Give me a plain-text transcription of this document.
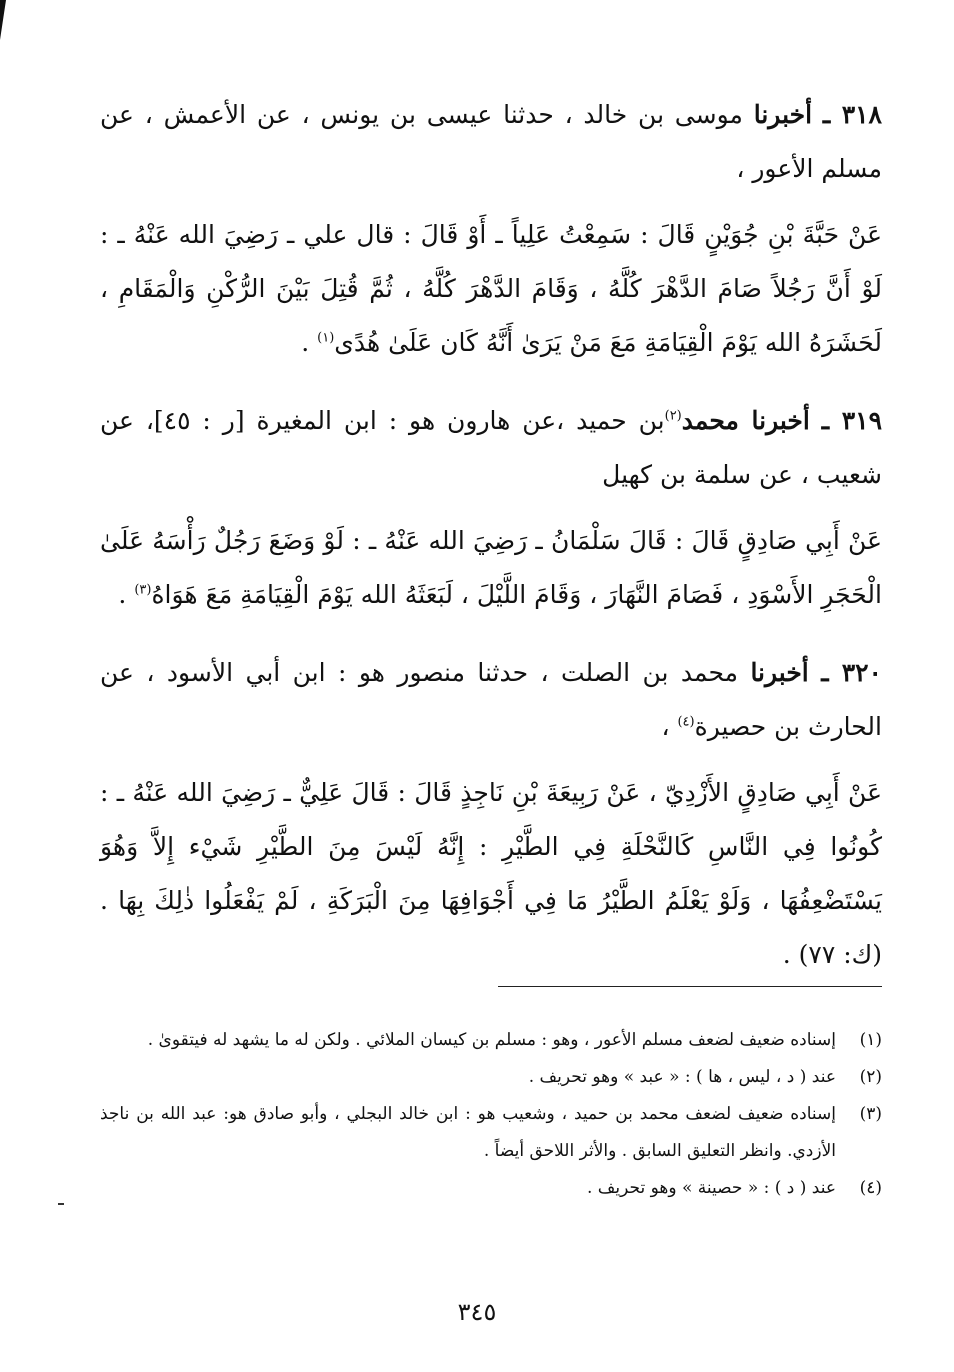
٣١٨ ـ أخبرنا موسى بن خالد ، حدثنا عيسى بن يونس ، عن الأعمش ، عن مسلم الأعور ،

عَنْ حَبَّةَ بْنِ جُوَيْنٍ قَالَ : سَمِعْتُ عَلِياً ـ أَوْ قَالَ : قال علي ـ رَضِيَ الله عَنْهُ ـ : لَوْ أَنَّ رَجُلاً صَامَ الدَّهْرَ كُلَّهُ ، وَقَامَ الدَّهْرَ كُلَّهُ ، ثُمَّ قُتِلَ بَيْنَ الرُّكْنِ وَالْمَقَامِ ، لَحَشَرَهُ الله يَوْمَ الْقِيَامَةِ مَعَ مَنْ يَرَىٰ أَنَّهُ كَان عَلَىٰ هُدًى$^{(١)}$ .

٣١٩ ـ أخبرنا محمد$^{(٢)}$بن حميد ،عن هارون هو : ابن المغيرة [ر : ٤٥]، عن شعيب ، عن سلمة بن كهيل

عَنْ أَبِي صَادِقٍ قَالَ : قَالَ سَلْمَانُ ـ رَضِيَ الله عَنْهُ ـ : لَوْ وَضَعَ رَجُلٌ رَأْسَهُ عَلَىٰ الْحَجَرِ الأَسْوَدِ ، فَصَامَ النَّهَارَ ، وَقَامَ اللَّيْلَ ، لَبَعَثَهُ الله يَوْمَ الْقِيَامَةِ مَعَ هَوَاهُ$^{(٣)}$ .

٣٢٠ ـ أخبرنا محمد بن الصلت ، حدثنا منصور هو : ابن أبي الأسود ، عن الحارث بن حصيرة$^{(٤)}$ ،

عَنْ أَبِي صَادِقٍ الأَزْدِيّ ، عَنْ رَبِيعَةَ بْنِ نَاجِذٍ قَالَ : قَالَ عَلِيٌّ ـ رَضِيَ الله عَنْهُ ـ : كُونُوا فِي النَّاسِ كَالنَّحْلَةِ فِي الطَّيْرِ : إِنَّهُ لَيْسَ مِنَ الطَّيْرِ شَيْء إِلاَّ وَهُوَ يَسْتَضْعِفُهَا ، وَلَوْ يَعْلَمُ الطَّيْرُ مَا فِي أَجْوَافِهَا مِنَ الْبَرَكَةِ ، لَمْ يَفْعَلُوا ذٰلِكَ بِهَا . (ك: ٧٧) .

(١)
إسناده ضعيف لضعف مسلم الأعور ، وهو : مسلم بن كيسان الملائي . ولكن له ما يشهد له فيتقوىٰ .
(٢)
عند ( د ، ليس ، ها ) : « عبد » وهو تحريف .
(٣)
إسناده ضعيف لضعف محمد بن حميد ، وشعيب هو : ابن خالد البجلي ، وأبو صادق هو: عبد الله بن ناجذ الأزدي. وانظر التعليق السابق . والأثر اللاحق أيضاً .
(٤)
عند ( د ) : « حصينة » وهو تحريف .
٣٤٥
